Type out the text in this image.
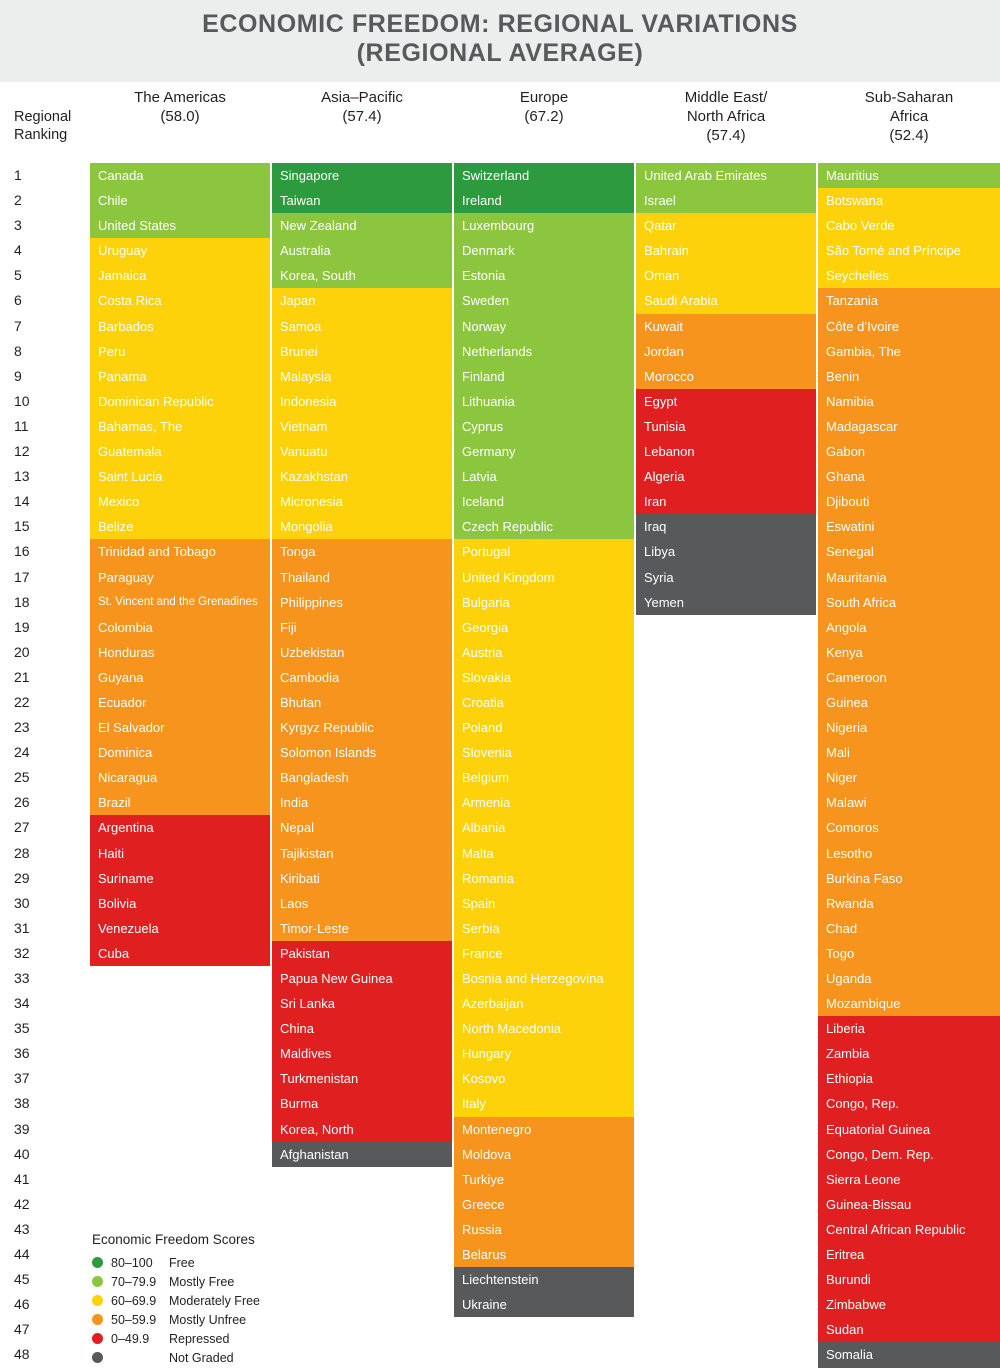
ECONOMIC FREEDOM: REGIONAL VARIATIONS
(REGIONAL AVERAGE)
Regional
Ranking
The Americas
(58.0)
Asia–Pacific
(57.4)
Europe
(67.2)
Middle East/
North Africa
(57.4)
Sub-Saharan
Africa
(52.4)
1
2
3
4
5
6
7
8
9
10
11
12
13
14
15
16
17
18
19
20
21
22
23
24
25
26
27
28
29
30
31
32
33
34
35
36
37
38
39
40
41
42
43
44
45
46
47
48
Canada
Chile
United States
Uruguay
Jamaica
Costa Rica
Barbados
Peru
Panama
Dominican Republic
Bahamas, The
Guatemala
Saint Lucia
Mexico
Belize
Trinidad and Tobago
Paraguay
St. Vincent and the Grenadines
Colombia
Honduras
Guyana
Ecuador
El Salvador
Dominica
Nicaragua
Brazil
Argentina
Haiti
Suriname
Bolivia
Venezuela
Cuba
Singapore
Taiwan
New Zealand
Australia
Korea, South
Japan
Samoa
Brunei
Malaysia
Indonesia
Vietnam
Vanuatu
Kazakhstan
Micronesia
Mongolia
Tonga
Thailand
Philippines
Fiji
Uzbekistan
Cambodia
Bhutan
Kyrgyz Republic
Solomon Islands
Bangladesh
India
Nepal
Tajikistan
Kiribati
Laos
Timor-Leste
Pakistan
Papua New Guinea
Sri Lanka
China
Maldives
Turkmenistan
Burma
Korea, North
Afghanistan
Switzerland
Ireland
Luxembourg
Denmark
Estonia
Sweden
Norway
Netherlands
Finland
Lithuania
Cyprus
Germany
Latvia
Iceland
Czech Republic
Portugal
United Kingdom
Bulgaria
Georgia
Austria
Slovakia
Croatia
Poland
Slovenia
Belgium
Armenia
Albania
Malta
Romania
Spain
Serbia
France
Bosnia and Herzegovina
Azerbaijan
North Macedonia
Hungary
Kosovo
Italy
Montenegro
Moldova
Turkiye
Greece
Russia
Belarus
Liechtenstein
Ukraine
United Arab Emirates
Israel
Qatar
Bahrain
Oman
Saudi Arabia
Kuwait
Jordan
Morocco
Egypt
Tunisia
Lebanon
Algeria
Iran
Iraq
Libya
Syria
Yemen
Mauritius
Botswana
Cabo Verde
São Tomé and Príncipe
Seychelles
Tanzania
Côte d’Ivoire
Gambia, The
Benin
Namibia
Madagascar
Gabon
Ghana
Djibouti
Eswatini
Senegal
Mauritania
South Africa
Angola
Kenya
Cameroon
Guinea
Nigeria
Mali
Niger
Malawi
Comoros
Lesotho
Burkina Faso
Rwanda
Chad
Togo
Uganda
Mozambique
Liberia
Zambia
Ethiopia
Congo, Rep.
Equatorial Guinea
Congo, Dem. Rep.
Sierra Leone
Guinea-Bissau
Central African Republic
Eritrea
Burundi
Zimbabwe
Sudan
Somalia
Economic Freedom Scores
80–100 Free
70–79.9 Mostly Free
60–69.9 Moderately Free
50–59.9 Mostly Unfree
0–49.9 Repressed
Not Graded
